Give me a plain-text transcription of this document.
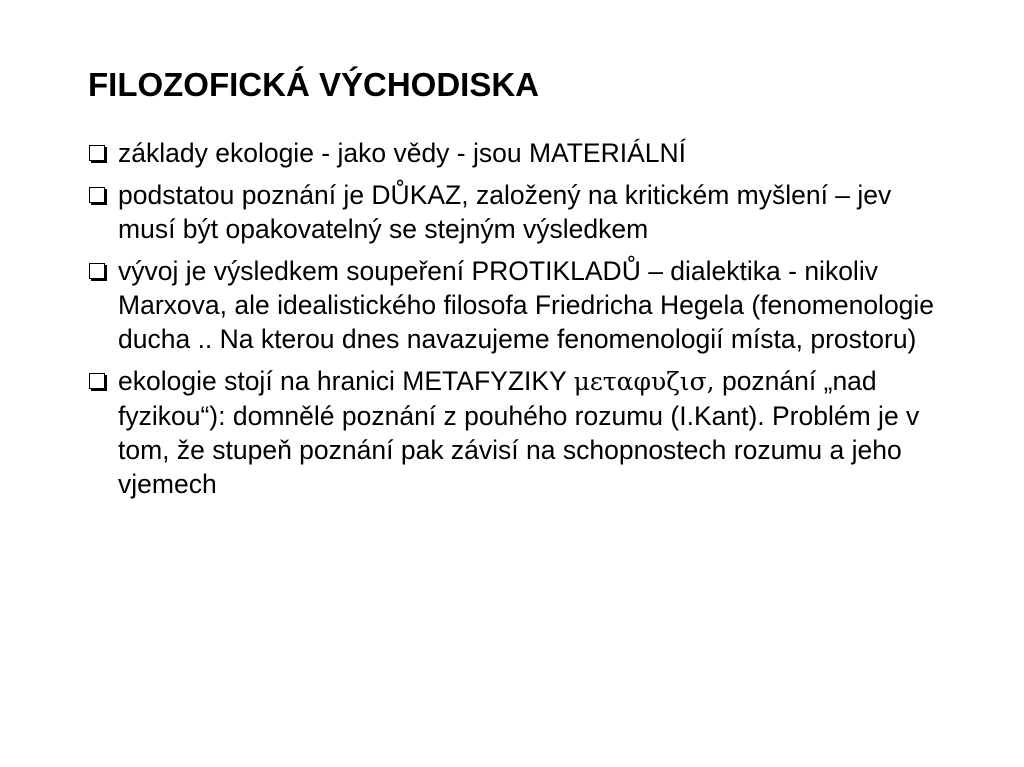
FILOZOFICKÁ VÝCHODISKA
základy ekologie - jako vědy - jsou MATERIÁLNÍ
podstatou poznání je DŮKAZ, založený na kritickém myšlení – jev musí být opakovatelný se stejným výsledkem
vývoj je výsledkem soupeření PROTIKLADŮ – dialektika - nikoliv Marxova, ale idealistického filosofa Friedricha Hegela (fenomenologie ducha .. Na kterou dnes navazujeme fenomenologií místa, prostoru)
ekologie stojí na hranici METAFYZIKY μεταφυζισ, poznání „nad fyzikou“): domnělé poznání z pouhého rozumu (I.Kant). Problém je v tom, že stupeň poznání pak závisí na schopnostech rozumu a jeho vjemech
